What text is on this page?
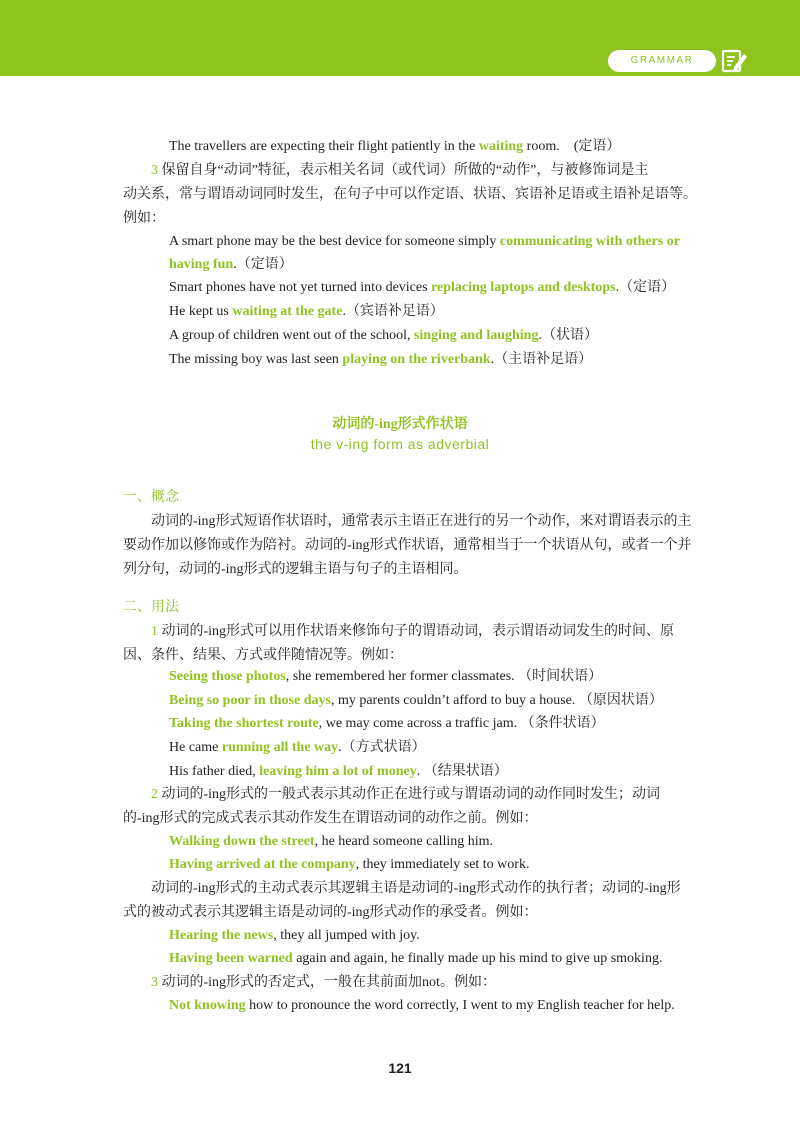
GRAMMAR
The travellers are expecting their flight patiently in the waiting room.　(定语）
3 保留自身“动词”特征，表示相关名词（或代词）所做的“动作”，与被修饰词是主
动关系，常与谓语动词同时发生，在句子中可以作定语、状语、宾语补足语或主语补足语等。
例如：
A smart phone may be the best device for someone simply communicating with others or
having fun.（定语）
Smart phones have not yet turned into devices replacing laptops and desktops.（定语）
He kept us waiting at the gate.（宾语补足语）
A group of children went out of the school, singing and laughing.（状语）
The missing boy was last seen playing on the riverbank.（主语补足语）
动词的-ing形式作状语
the v-ing form as adverbial
一、概念
动词的-ing形式短语作状语时，通常表示主语正在进行的另一个动作，来对谓语表示的主
要动作加以修饰或作为陪衬。动词的-ing形式作状语，通常相当于一个状语从句，或者一个并
列分句，动词的-ing形式的逻辑主语与句子的主语相同。
二、用法
1 动词的-ing形式可以用作状语来修饰句子的谓语动词，表示谓语动词发生的时间、原
因、条件、结果、方式或伴随情况等。例如：
Seeing those photos, she remembered her former classmates. （时间状语）
Being so poor in those days, my parents couldn’t afford to buy a house. （原因状语）
Taking the shortest route, we may come across a traffic jam. （条件状语）
He came running all the way.（方式状语）
His father died, leaving him a lot of money. （结果状语）
2 动词的-ing形式的一般式表示其动作正在进行或与谓语动词的动作同时发生；动词
的-ing形式的完成式表示其动作发生在谓语动词的动作之前。例如：
Walking down the street, he heard someone calling him.
Having arrived at the company, they immediately set to work.
动词的-ing形式的主动式表示其逻辑主语是动词的-ing形式动作的执行者；动词的-ing形
式的被动式表示其逻辑主语是动词的-ing形式动作的承受者。例如：
Hearing the news, they all jumped with joy.
Having been warned again and again, he finally made up his mind to give up smoking.
3 动词的-ing形式的否定式，一般在其前面加not。例如：
Not knowing how to pronounce the word correctly, I went to my English teacher for help.
121
